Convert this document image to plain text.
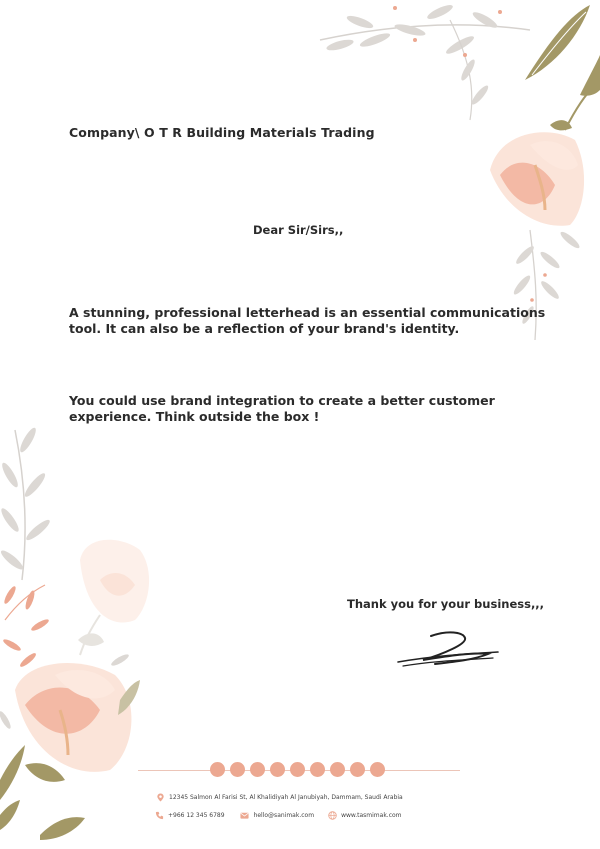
Company\ O T R Building Materials Trading
Dear Sir/Sirs,,
A stunning, professional letterhead is an essential communications tool. It can also be a reflection of your brand's identity.
You could use brand integration to create a better customer experience. Think outside the box !
Thank you for your business,,,
12345 Salmon Al Farisi St, Al Khalidiyah Al Janubiyah, Dammam, Saudi Arabia
+966 12 345 6789	hello@sanimak.com	www.tasmimak.com
